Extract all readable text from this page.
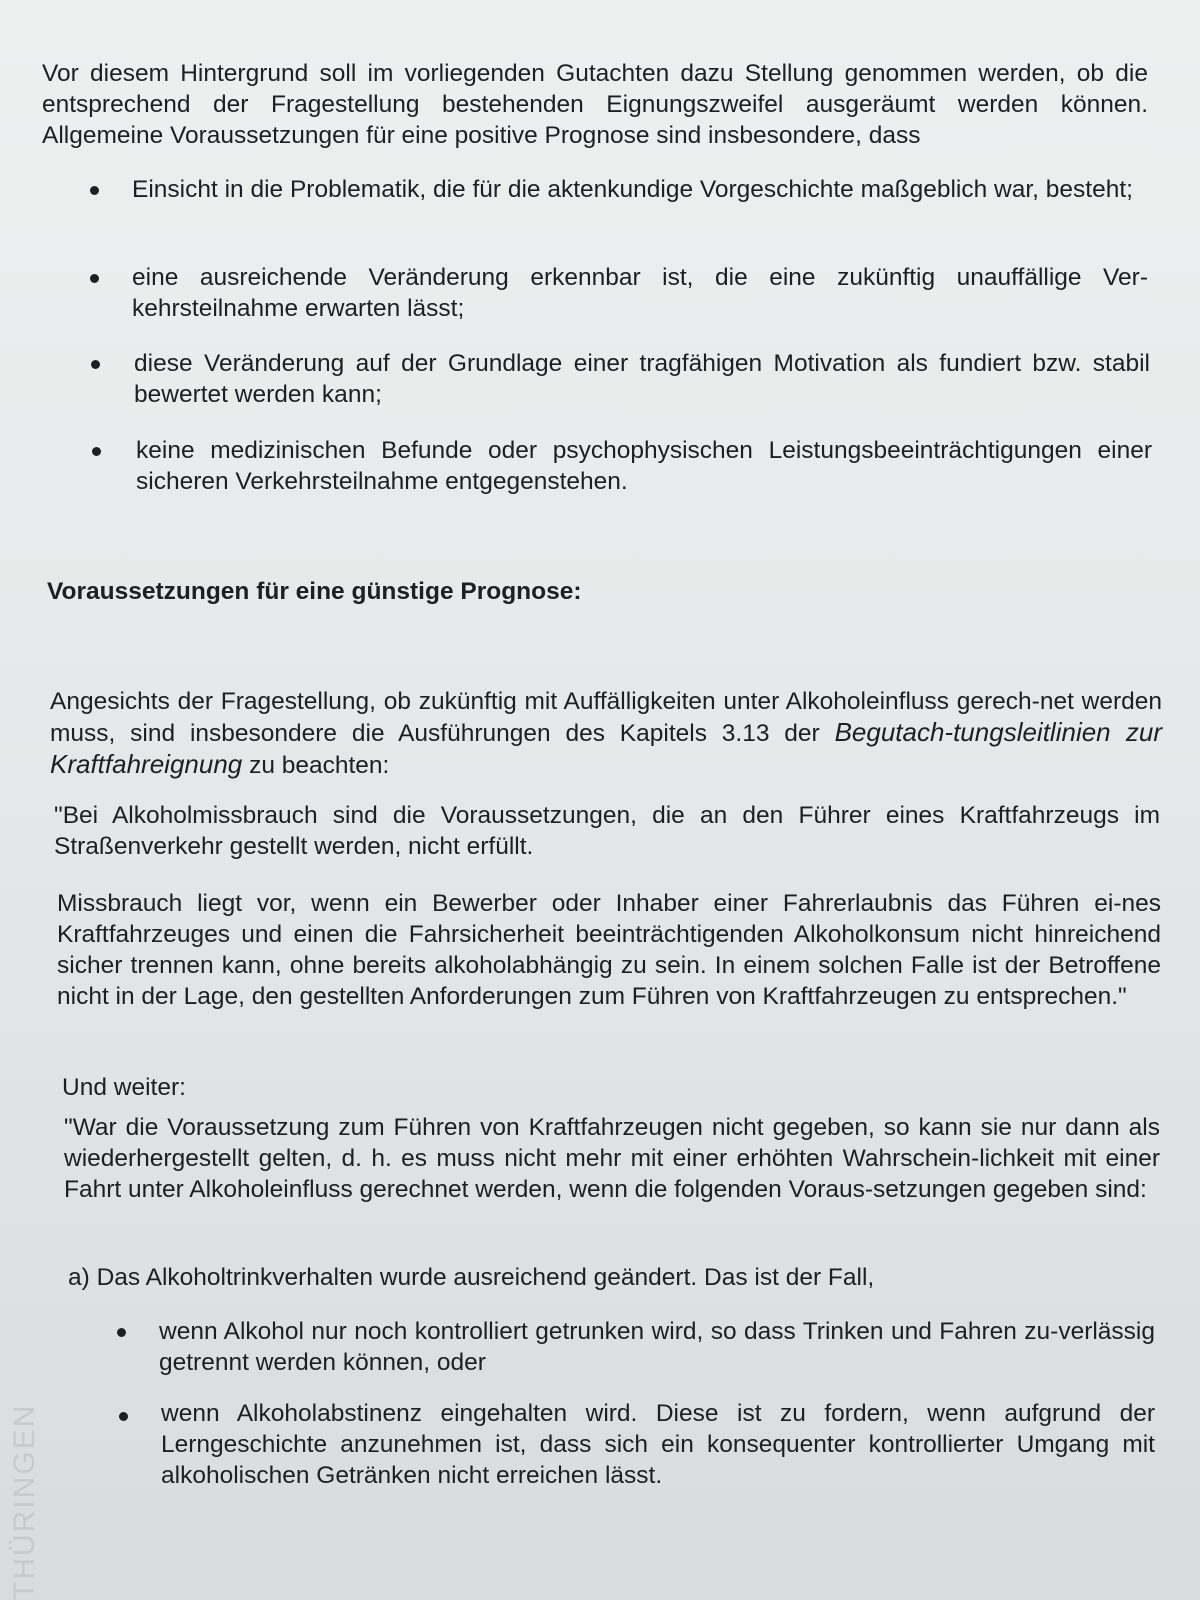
Vor diesem Hintergrund soll im vorliegenden Gutachten dazu Stellung genommen werden, ob die entsprechend der Fragestellung bestehenden Eignungszweifel ausgeräumt werden können. Allgemeine Voraussetzungen für eine positive Prognose sind insbesondere, dass

Einsicht in die Problematik, die für die aktenkundige Vorgeschichte maßgeblich war, besteht;

eine ausreichende Veränderung erkennbar ist, die eine zukünftig unauffällige Ver-kehrsteilnahme erwarten lässt;

diese Veränderung auf der Grundlage einer tragfähigen Motivation als fundiert bzw. stabil bewertet werden kann;

keine medizinischen Befunde oder psychophysischen Leistungsbeeinträchtigungen einer sicheren Verkehrsteilnahme entgegenstehen.

Voraussetzungen für eine günstige Prognose:

Angesichts der Fragestellung, ob zukünftig mit Auffälligkeiten unter Alkoholeinfluss gerech-net werden muss, sind insbesondere die Ausführungen des Kapitels 3.13 der Begutach-tungsleitlinien zur Kraftfahreignung zu beachten:

"Bei Alkoholmissbrauch sind die Voraussetzungen, die an den Führer eines Kraftfahrzeugs im Straßenverkehr gestellt werden, nicht erfüllt.

Missbrauch liegt vor, wenn ein Bewerber oder Inhaber einer Fahrerlaubnis das Führen ei-nes Kraftfahrzeuges und einen die Fahrsicherheit beeinträchtigenden Alkoholkonsum nicht hinreichend sicher trennen kann, ohne bereits alkoholabhängig zu sein. In einem solchen Falle ist der Betroffene nicht in der Lage, den gestellten Anforderungen zum Führen von Kraftfahrzeugen zu entsprechen."

Und weiter:

"War die Voraussetzung zum Führen von Kraftfahrzeugen nicht gegeben, so kann sie nur dann als wiederhergestellt gelten, d. h. es muss nicht mehr mit einer erhöhten Wahrschein-lichkeit mit einer Fahrt unter Alkoholeinfluss gerechnet werden, wenn die folgenden Voraus-setzungen gegeben sind:

a) Das Alkoholtrinkverhalten wurde ausreichend geändert. Das ist der Fall,

wenn Alkohol nur noch kontrolliert getrunken wird, so dass Trinken und Fahren zu-verlässig getrennt werden können, oder

wenn Alkoholabstinenz eingehalten wird. Diese ist zu fordern, wenn aufgrund der Lerngeschichte anzunehmen ist, dass sich ein konsequenter kontrollierter Umgang mit alkoholischen Getränken nicht erreichen lässt.

THÜRINGEN
